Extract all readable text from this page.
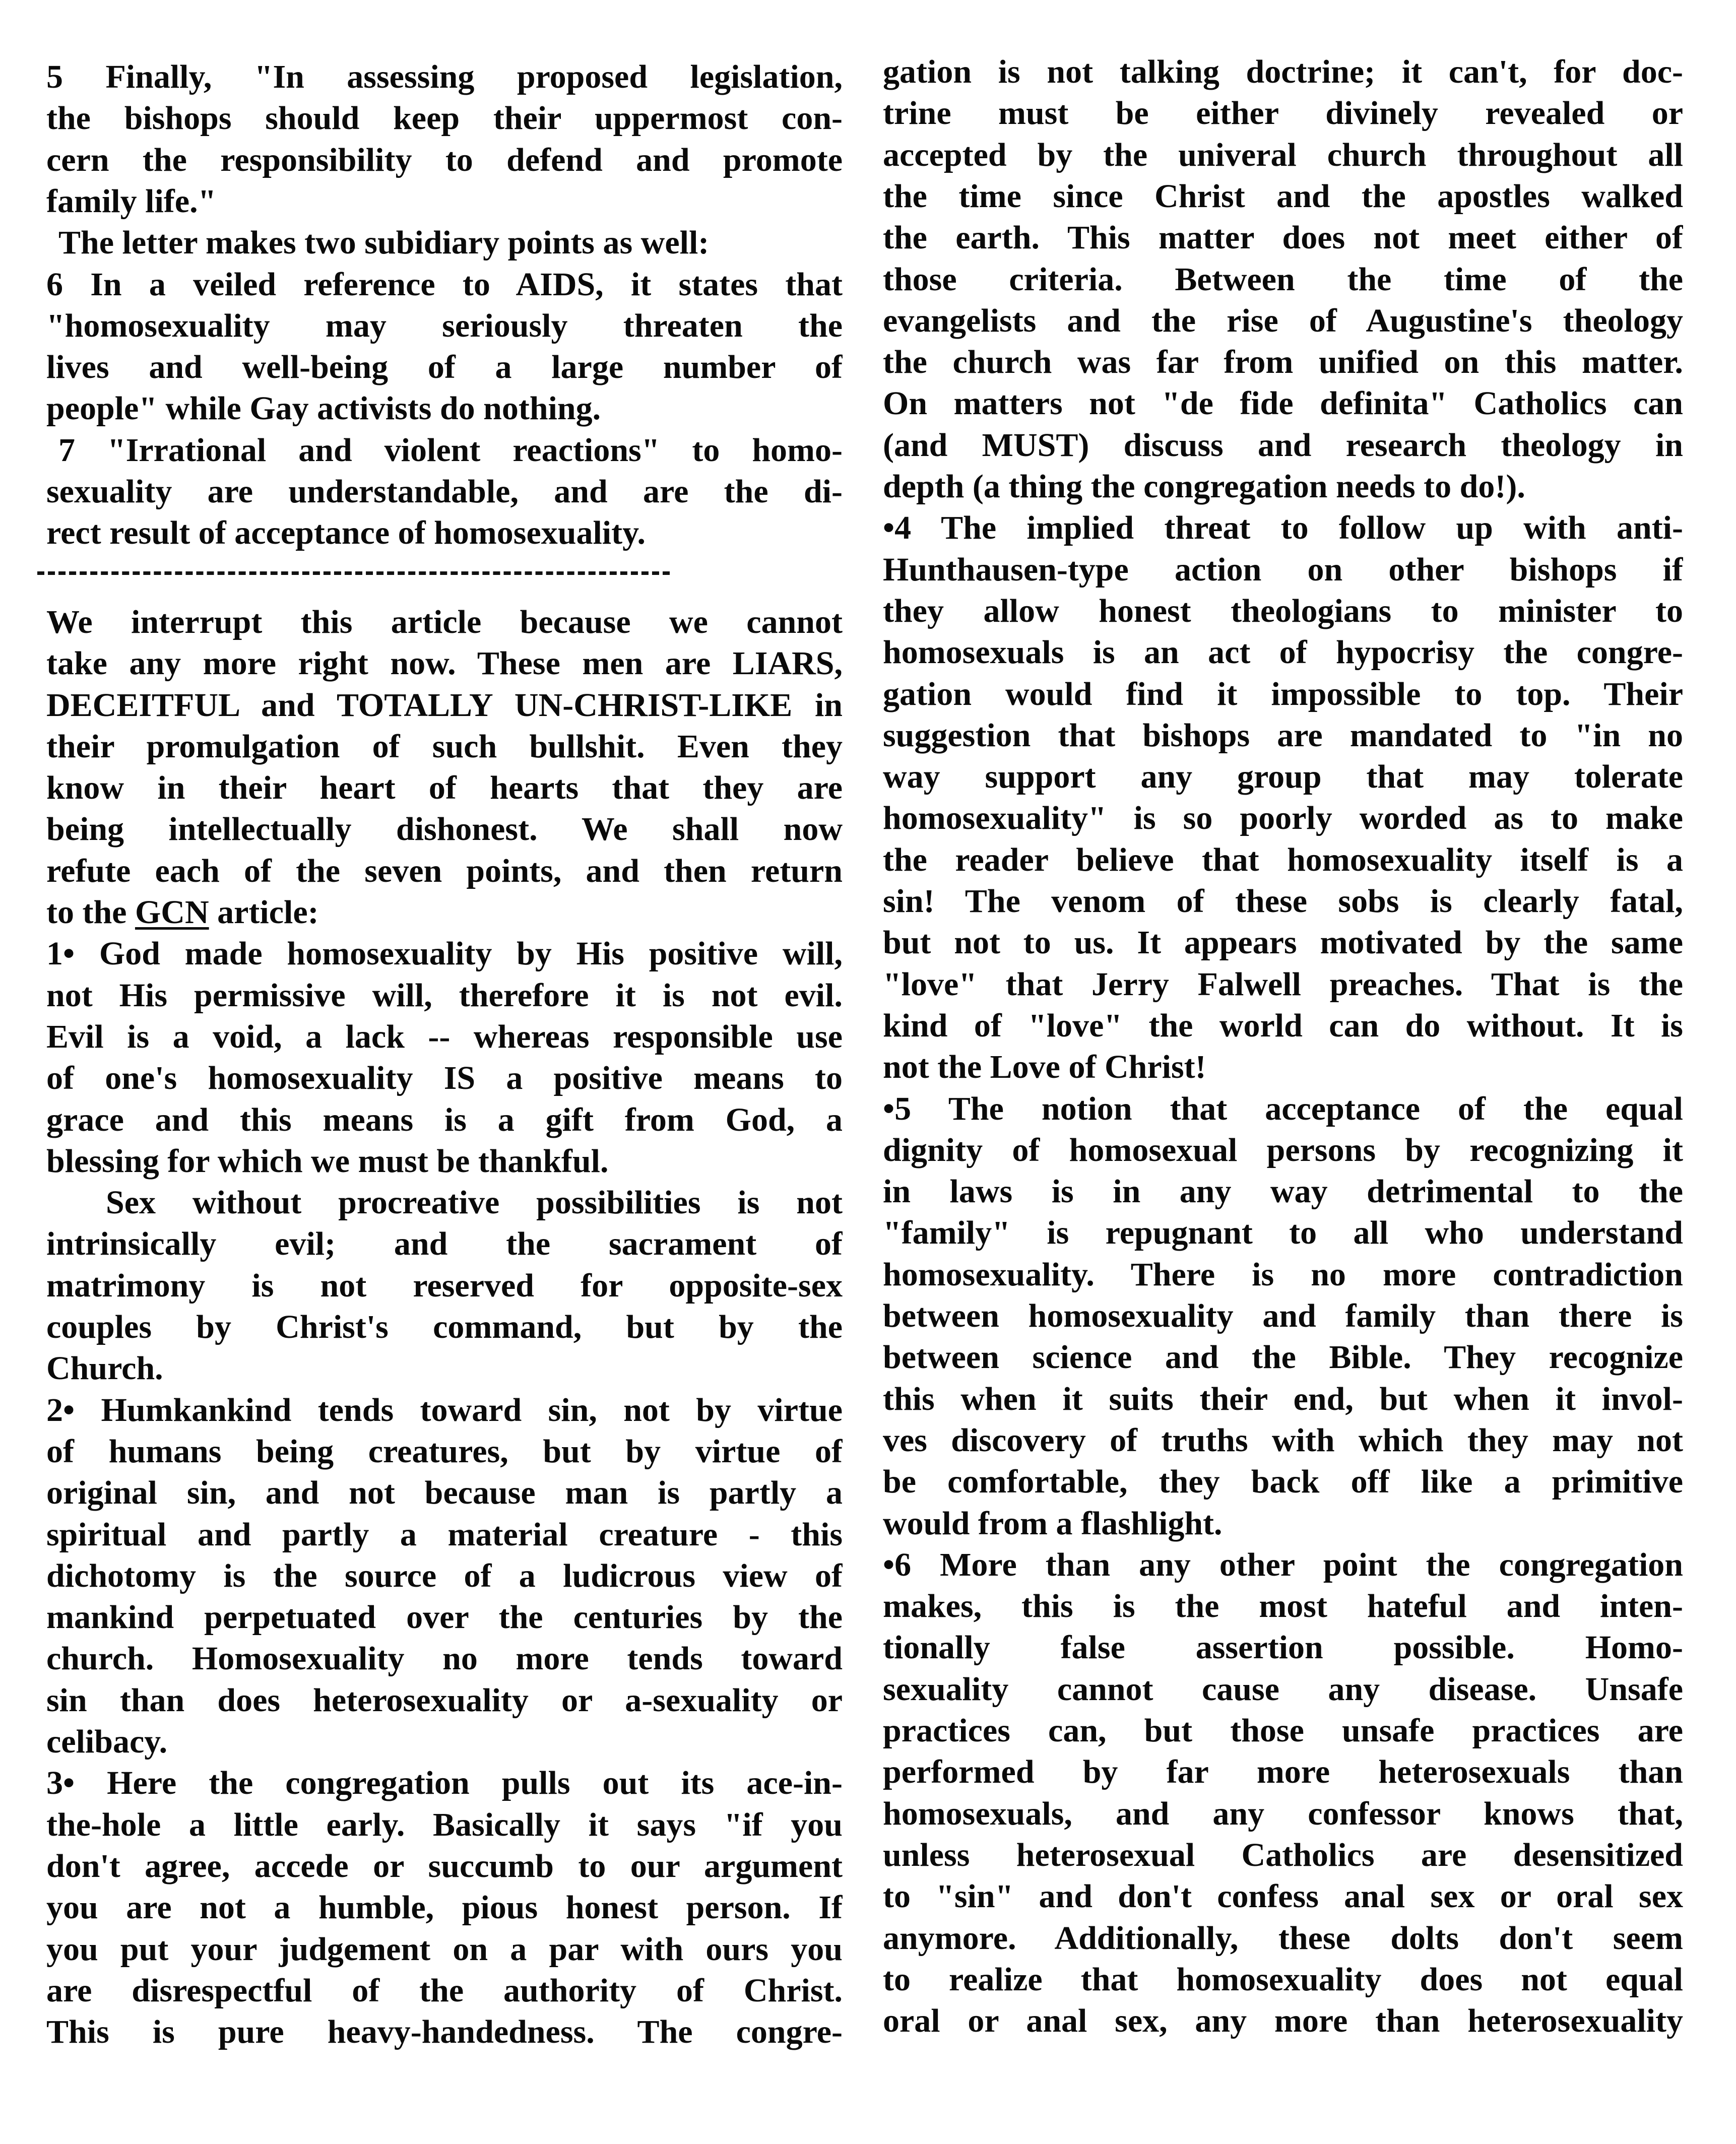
5 Finally, "In assessing proposed legislation,
the bishops should keep their uppermost con-
cern the responsibility to defend and promote
family life."
The letter makes two subidiary points as well:
6 In a veiled reference to AIDS, it states that
"homosexuality may seriously threaten the
lives and well-being of a large number of
people" while Gay activists do nothing.
7 "Irrational and violent reactions" to homo-
sexuality are understandable, and are the di-
rect result of acceptance of homosexuality.
We interrupt this article because we cannot
take any more right now. These men are LIARS,
DECEITFUL and TOTALLY UN-CHRIST-LIKE in
their promulgation of such bullshit. Even they
know in their heart of hearts that they are
being intellectually dishonest. We shall now
refute each of the seven points, and then return
to the GCN article:
1• God made homosexuality by His positive will,
not His permissive will, therefore it is not evil.
Evil is a void, a lack -- whereas responsible use
of one's homosexuality IS a positive means to
grace and this means is a gift from God, a
blessing for which we must be thankful.
Sex without procreative possibilities is not
intrinsically evil; and the sacrament of
matrimony is not reserved for opposite-sex
couples by Christ's command, but by the
Church.
2• Humkankind tends toward sin, not by virtue
of humans being creatures, but by virtue of
original sin, and not because man is partly a
spiritual and partly a material creature - this
dichotomy is the source of a ludicrous view of
mankind perpetuated over the centuries by the
church. Homosexuality no more tends toward
sin than does heterosexuality or a-sexuality or
celibacy.
3• Here the congregation pulls out its ace-in-
the-hole a little early. Basically it says "if you
don't agree, accede or succumb to our argument
you are not a humble, pious honest person. If
you put your judgement on a par with ours you
are disrespectful of the authority of Christ.
This is pure heavy-handedness. The congre-
gation is not talking doctrine; it can't, for doc-
trine must be either divinely revealed or
accepted by the univeral church throughout all
the time since Christ and the apostles walked
the earth. This matter does not meet either of
those criteria. Between the time of the
evangelists and the rise of Augustine's theology
the church was far from unified on this matter.
On matters not "de fide definita" Catholics can
(and MUST) discuss and research theology in
depth (a thing the congregation needs to do!).
•4 The implied threat to follow up with anti-
Hunthausen-type action on other bishops if
they allow honest theologians to minister to
homosexuals is an act of hypocrisy the congre-
gation would find it impossible to top. Their
suggestion that bishops are mandated to "in no
way support any group that may tolerate
homosexuality" is so poorly worded as to make
the reader believe that homosexuality itself is a
sin! The venom of these sobs is clearly fatal,
but not to us. It appears motivated by the same
"love" that Jerry Falwell preaches. That is the
kind of "love" the world can do without. It is
not the Love of Christ!
•5 The notion that acceptance of the equal
dignity of homosexual persons by recognizing it
in laws is in any way detrimental to the
"family" is repugnant to all who understand
homosexuality. There is no more contradiction
between homosexuality and family than there is
between science and the Bible. They recognize
this when it suits their end, but when it invol-
ves discovery of truths with which they may not
be comfortable, they back off like a primitive
would from a flashlight.
•6 More than any other point the congregation
makes, this is the most hateful and inten-
tionally false assertion possible. Homo-
sexuality cannot cause any disease. Unsafe
practices can, but those unsafe practices are
performed by far more heterosexuals than
homosexuals, and any confessor knows that,
unless heterosexual Catholics are desensitized
to "sin" and don't confess anal sex or oral sex
anymore. Additionally, these dolts don't seem
to realize that homosexuality does not equal
oral or anal sex, any more than heterosexuality
